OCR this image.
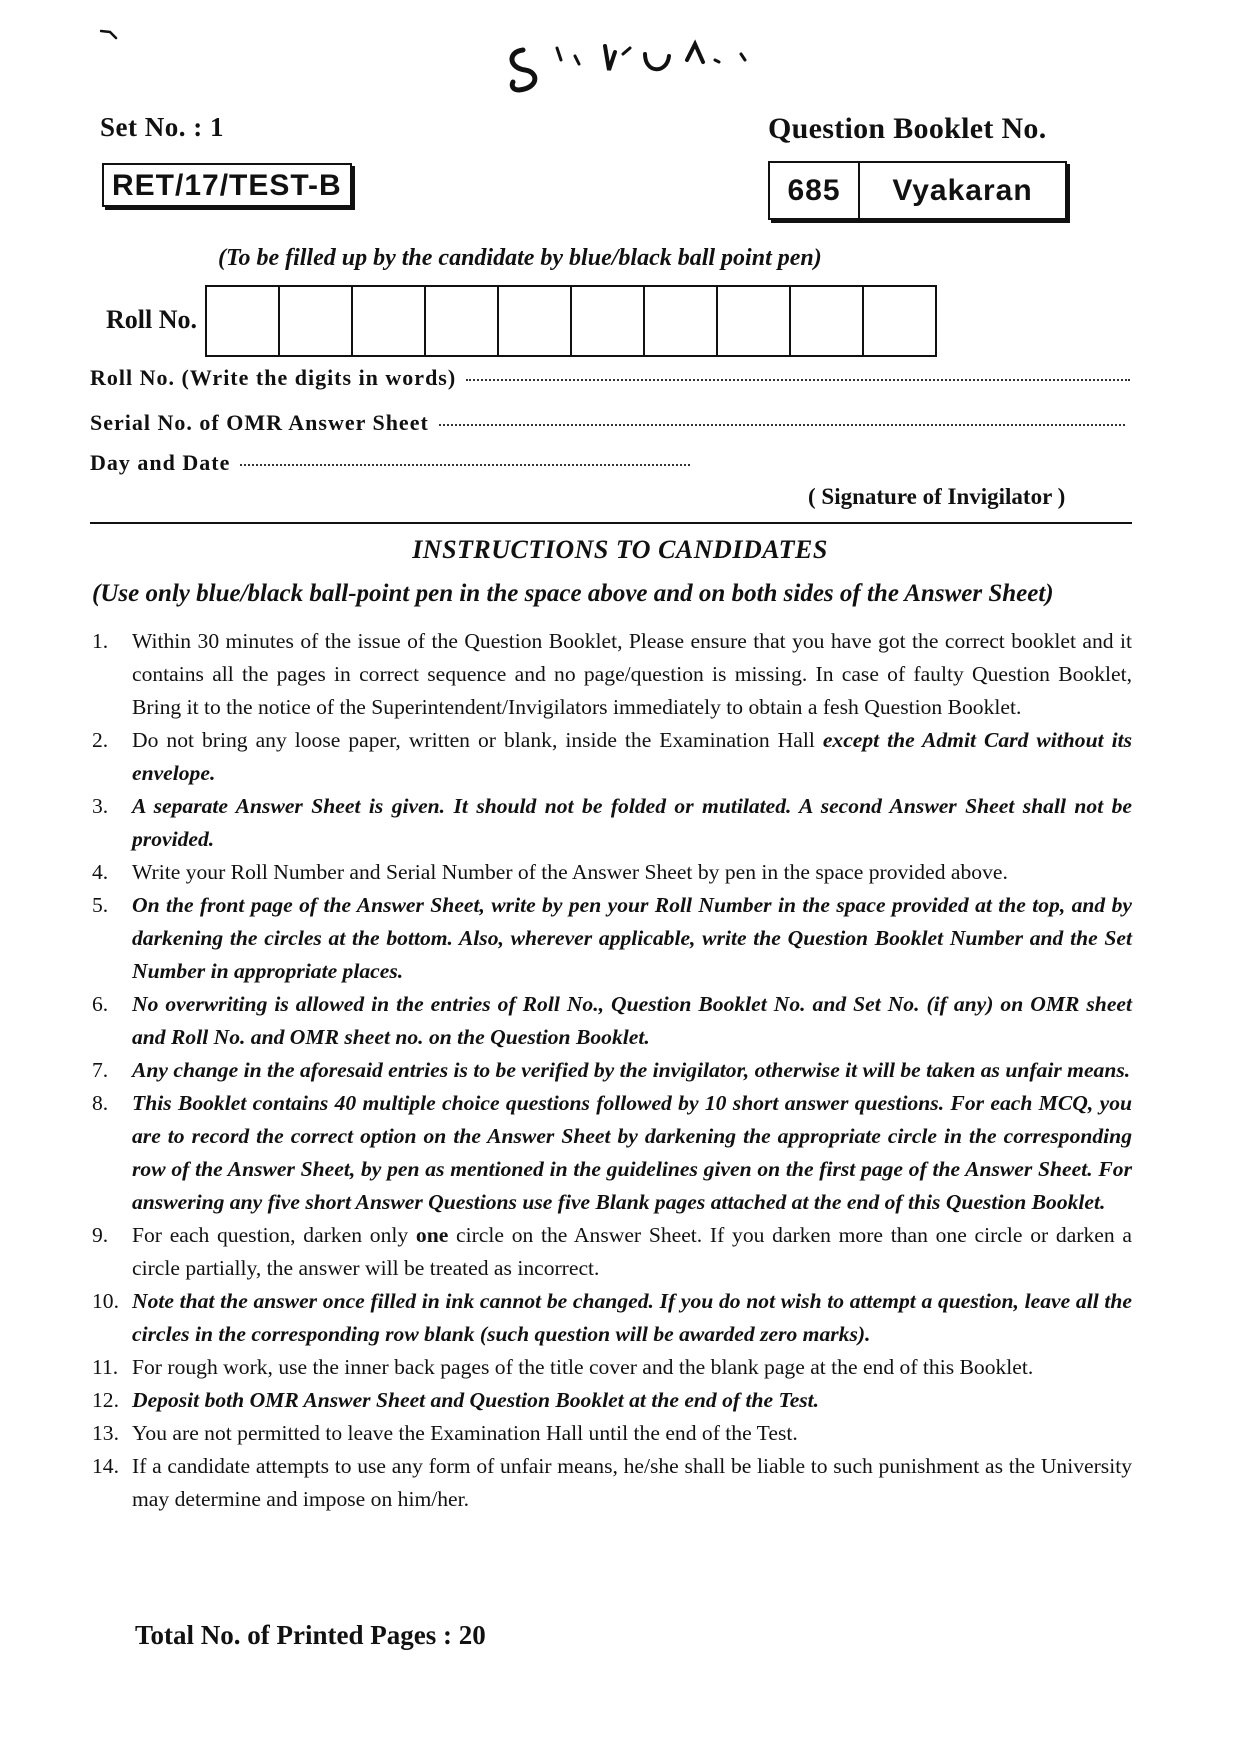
Set No. : 1	Question Booklet No.
RET/17/TEST-B	685	Vyakaran
(To be filled up by the candidate by blue/black ball point pen)
Roll No.
Roll No. (Write the digits in words)
Serial No. of OMR Answer Sheet
Day and Date
( Signature of Invigilator )
INSTRUCTIONS TO CANDIDATES
(Use only blue/black ball-point pen in the space above and on both sides of the Answer Sheet)
1.	Within 30 minutes of the issue of the Question Booklet, Please ensure that you have got the correct booklet and it contains all the pages in correct sequence and no page/question is missing. In case of faulty Question Booklet, Bring it to the notice of the Superintendent/Invigilators immediately to obtain a fesh Question Booklet.
2.	Do not bring any loose paper, written or blank, inside the Examination Hall except the Admit Card without its envelope.
3.	A separate Answer Sheet is given. It should not be folded or mutilated. A second Answer Sheet shall not be provided.
4.	Write your Roll Number and Serial Number of the Answer Sheet by pen in the space provided above.
5.	On the front page of the Answer Sheet, write by pen your Roll Number in the space provided at the top, and by darkening the circles at the bottom. Also, wherever applicable, write the Question Booklet Number and the Set Number in appropriate places.
6.	No overwriting is allowed in the entries of Roll No., Question Booklet No. and Set No. (if any) on OMR sheet and Roll No. and OMR sheet no. on the Question Booklet.
7.	Any change in the aforesaid entries is to be verified by the invigilator, otherwise it will be taken as unfair means.
8.	This Booklet contains 40 multiple choice questions followed by 10 short answer questions. For each MCQ, you are to record the correct option on the Answer Sheet by darkening the appropriate circle in the corresponding row of the Answer Sheet, by pen as mentioned in the guidelines given on the first page of the Answer Sheet. For answering any five short Answer Questions use five Blank pages attached at the end of this Question Booklet.
9.	For each question, darken only one circle on the Answer Sheet. If you darken more than one circle or darken a circle partially, the answer will be treated as incorrect.
10. Note that the answer once filled in ink cannot be changed. If you do not wish to attempt a question, leave all the circles in the corresponding row blank (such question will be awarded zero marks).
11. For rough work, use the inner back pages of the title cover and the blank page at the end of this Booklet.
12. Deposit both OMR Answer Sheet and Question Booklet at the end of the Test.
13. You are not permitted to leave the Examination Hall until the end of the Test.
14. If a candidate attempts to use any form of unfair means, he/she shall be liable to such punishment as the University may determine and impose on him/her.
Total No. of Printed Pages : 20
